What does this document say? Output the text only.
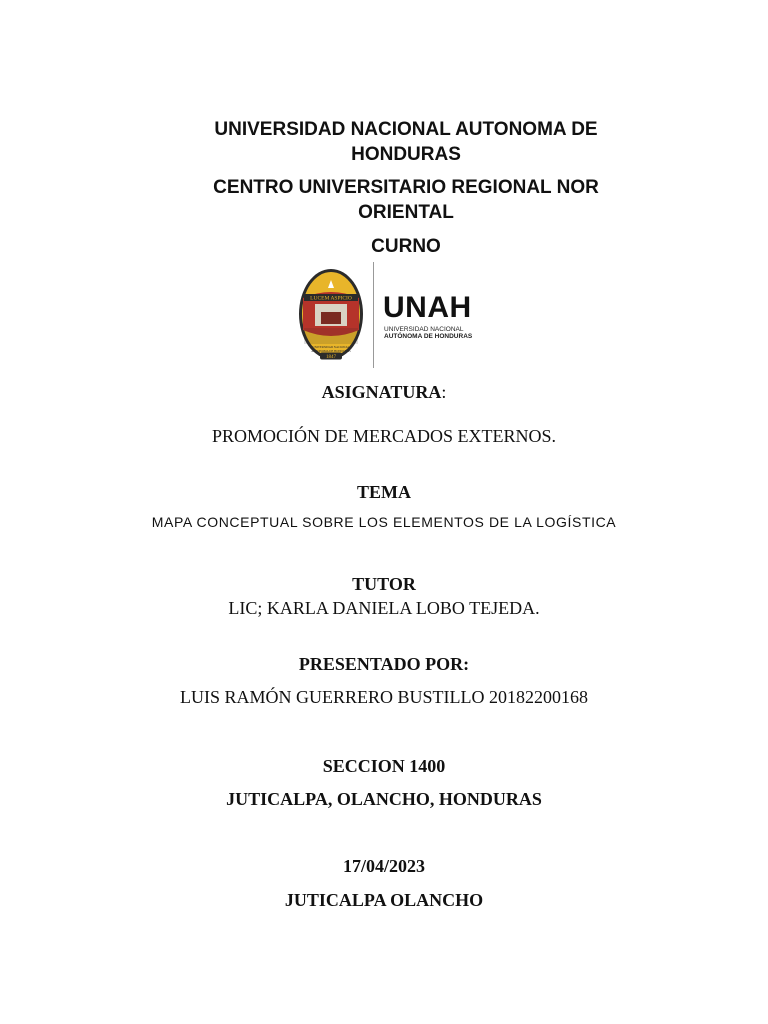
UNIVERSIDAD NACIONAL AUTONOMA DE HONDURAS
CENTRO UNIVERSITARIO REGIONAL NOR ORIENTAL
CURNO
LUCEM ASPICIO
UNIVERSIDAD NACIONAL
AUTONOMA DE HONDURAS
1847
UNAH
UNIVERSIDAD NACIONAL
AUTÓNOMA DE HONDURAS
ASIGNATURA:
PROMOCIÓN DE MERCADOS EXTERNOS.
TEMA
MAPA CONCEPTUAL SOBRE LOS ELEMENTOS DE LA LOGÍSTICA
TUTOR
LIC; KARLA DANIELA LOBO TEJEDA.
PRESENTADO POR:
LUIS RAMÓN GUERRERO BUSTILLO 20182200168
SECCION 1400
JUTICALPA, OLANCHO, HONDURAS
17/04/2023
JUTICALPA OLANCHO
